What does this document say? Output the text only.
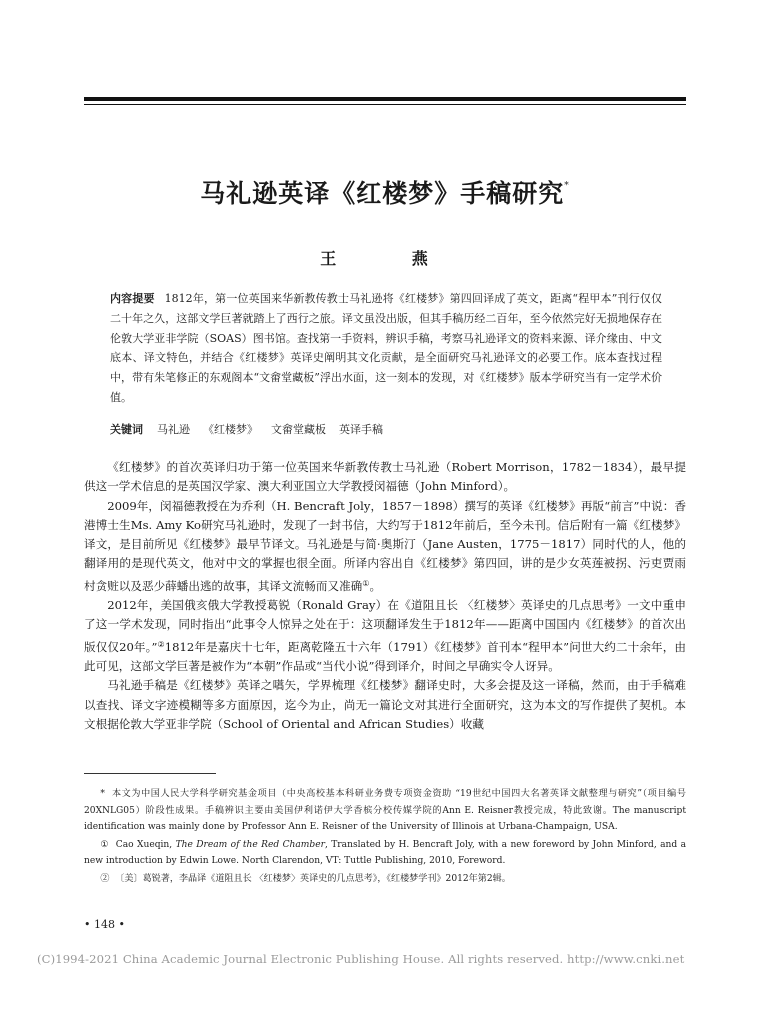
马礼逊英译《红楼梦》手稿研究*
王 燕
内容提要 1812年，第一位英国来华新教传教士马礼逊将《红楼梦》第四回译成了英文，距离“程甲本”刊行仅仅二十年之久，这部文学巨著就踏上了西行之旅。译文虽没出版，但其手稿历经二百年，至今依然完好无损地保存在伦敦大学亚非学院（SOAS）图书馆。查找第一手资料，辨识手稿，考察马礼逊译文的资料来源、译介缘由、中文底本、译文特色，并结合《红楼梦》英译史阐明其文化贡献，是全面研究马礼逊译文的必要工作。底本查找过程中，带有朱笔修正的东观阁本“文畲堂藏板”浮出水面，这一刻本的发现，对《红楼梦》版本学研究当有一定学术价值。
关键词 马礼逊 《红楼梦》 文畲堂藏板 英译手稿

《红楼梦》的首次英译归功于第一位英国来华新教传教士马礼逊（Robert Morrison，1782－1834），最早提供这一学术信息的是英国汉学家、澳大利亚国立大学教授闵福德（John Minford）。

2009年，闵福德教授在为乔利（H. Bencraft Joly，1857－1898）撰写的英译《红楼梦》再版“前言”中说：香港博士生Ms. Amy Ko研究马礼逊时，发现了一封书信，大约写于1812年前后，至今未刊。信后附有一篇《红楼梦》译文，是目前所见《红楼梦》最早节译文。马礼逊是与简·奥斯汀（Jane Austen，1775－1817）同时代的人，他的翻译用的是现代英文，他对中文的掌握也很全面。所译内容出自《红楼梦》第四回，讲的是少女英莲被拐、污吏贾雨村贪赃以及恶少薛蟠出逃的故事，其译文流畅而又准确①。

2012年，美国俄亥俄大学教授葛锐（Ronald Gray）在《道阻且长 〈红楼梦〉英译史的几点思考》一文中重申了这一学术发现，同时指出“此事令人惊异之处在于：这项翻译发生于1812年——距离中国国内《红楼梦》的首次出版仅仅20年。”②1812年是嘉庆十七年，距离乾隆五十六年（1791）《红楼梦》首刊本“程甲本”问世大约二十余年，由此可见，这部文学巨著是被作为“本朝”作品或“当代小说”得到译介，时间之早确实令人讶异。

马礼逊手稿是《红楼梦》英译之嚆矢，学界梳理《红楼梦》翻译史时，大多会提及这一译稿，然而，由于手稿难以查找、译文字迹模糊等多方面原因，迄今为止，尚无一篇论文对其进行全面研究，这为本文的写作提供了契机。本文根据伦敦大学亚非学院（School of Oriental and African Studies）收藏

* 本文为中国人民大学科学研究基金项目（中央高校基本科研业务费专项资金资助 “19世纪中国四大名著英译文献整理与研究”（项目编号20XNLG05）阶段性成果。手稿辨识主要由美国伊利诺伊大学香槟分校传媒学院的Ann E. Reisner教授完成，特此致谢。The manuscript identification was mainly done by Professor Ann E. Reisner of the University of Illinois at Urbana-Champaign, USA.

① Cao Xueqin, The Dream of the Red Chamber, Translated by H. Bencraft Joly, with a new foreword by John Minford, and a new introduction by Edwin Lowe. North Clarendon, VT: Tuttle Publishing, 2010, Foreword.

② 〔美〕葛锐著，李晶译《道阻且长 〈红楼梦〉英译史的几点思考》，《红楼梦学刊》2012年第2辑。

• 148 •
(C)1994-2021 China Academic Journal Electronic Publishing House. All rights reserved. http://www.cnki.net
